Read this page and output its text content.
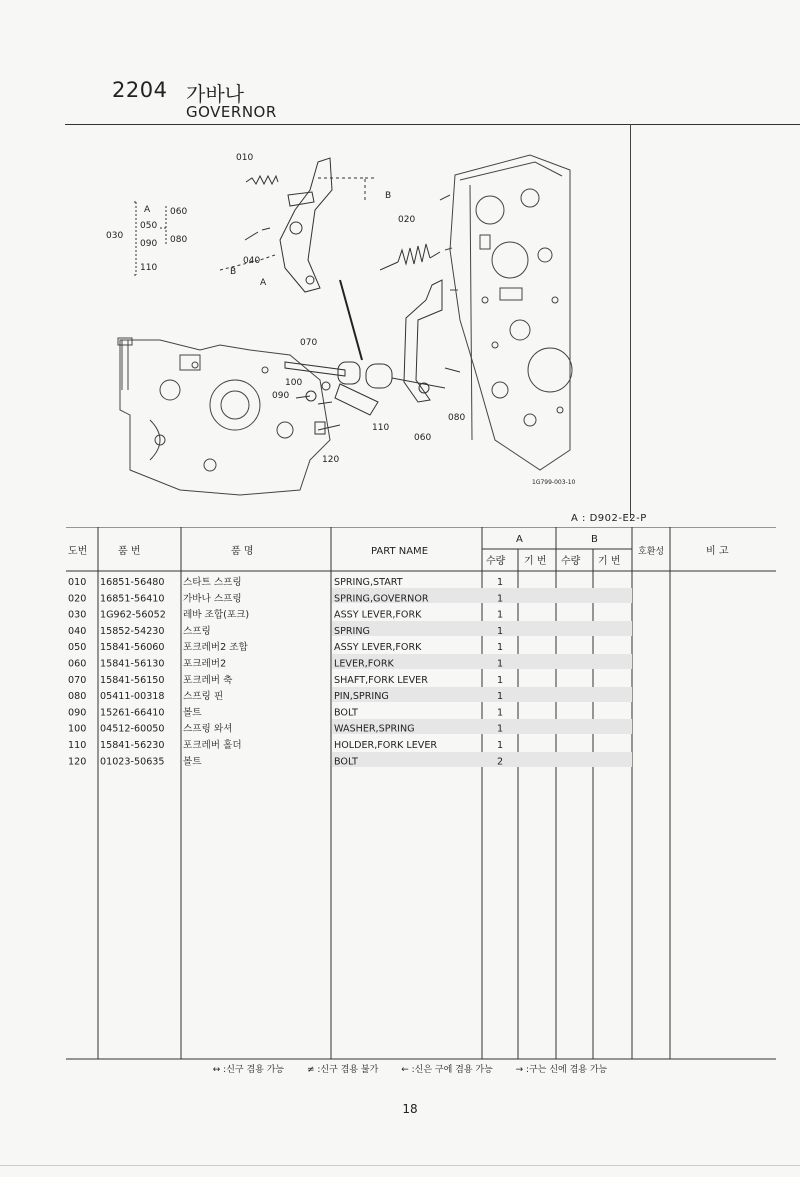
2204 가바나
GOVERNOR
010
020
070
100
090
110
120
060
080
040
B
A
B
030
A
050
090
110
060
080
1G799-003-10
A : D902-E2-P
도번	품 번	품 명	PART NAME
A	B
수량 기 번 수량 기 번
호환성	비 고
010 16851-56480 스타트 스프링	SPRING,START	1
020 16851-56410 가바나 스프링	SPRING,GOVERNOR	1
030 1G962-56052 레바 조합(포크)	ASSY LEVER,FORK	1
040 15852-54230 스프링	SPRING	1
050 15841-56060 포크레버2 조합	ASSY LEVER,FORK	1
060 15841-56130 포크레버2	LEVER,FORK	1
070 15841-56150 포크레버 축	SHAFT,FORK LEVER	1
080 05411-00318 스프링 핀	PIN,SPRING	1
090 15261-66410 볼트	BOLT	1
100 04512-60050 스프링 와셔	WASHER,SPRING	1
110 15841-56230 포크레버 홀더	HOLDER,FORK LEVER	1
120 01023-50635 볼트	BOLT	2
↔ :신구 겸용 가능	≠ :신구 겸용 불가	← :신은 구에 겸용 가능	→ :구는 신에 겸용 가능
18
